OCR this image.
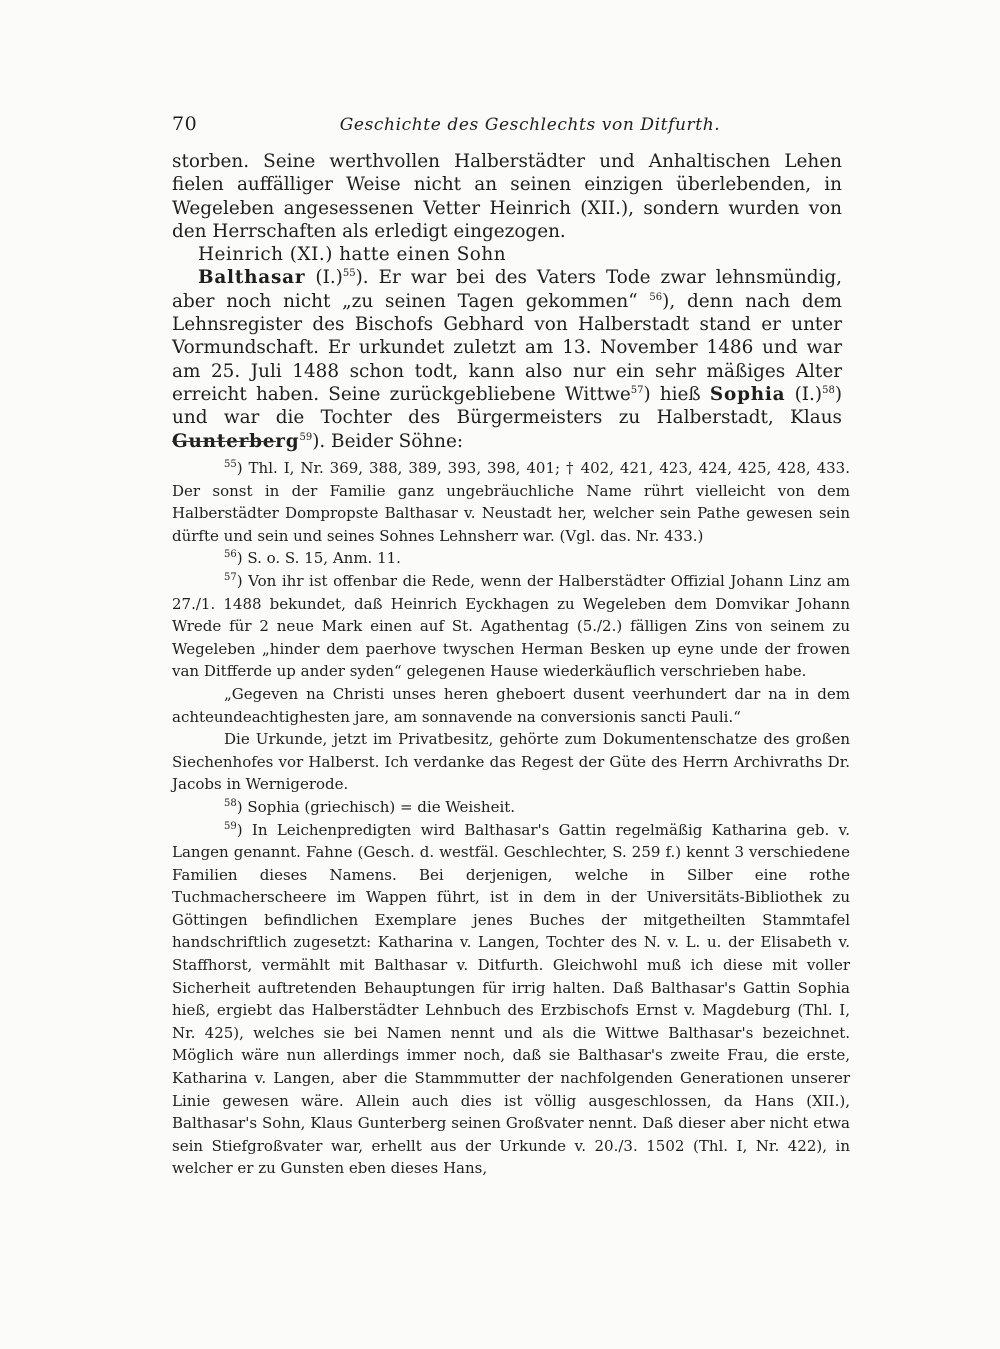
70	Geschichte des Geschlechts von Ditfurth.

storben. Seine werthvollen Halberstädter und Anhaltischen Lehen fielen auffälliger Weise nicht an seinen einzigen überlebenden, in Wegeleben angesessenen Vetter Heinrich (XII.), sondern wurden von den Herrschaften als erledigt eingezogen.

Heinrich (XI.) hatte einen Sohn

Balthasar $(I.)^{55}$). Er war bei des Vaters Tode zwar lehnsmündig, aber noch nicht „zu seinen Tagen gekommen“ $^{56}$), denn nach dem Lehnsregister des Bischofs Gebhard von Halberstadt stand er unter Vormundschaft. Er urkundet zuletzt am 13. November 1486 und war am 25. Juli 1488 schon todt, kann also nur ein sehr mäßiges Alter erreicht haben. Seine zurückgebliebene Wittwe$^{57}$) hieß Sophia $(I.)^{58}$) und war die Tochter des Bürgermeisters zu Halberstadt, Klaus Gunterberg$^{59}$). Beider Söhne:

$^{55}$) Thl. I, Nr. 369, 388, 389, 393, 398, 401; † 402, 421, 423, 424, 425, 428, 433. Der sonst in der Familie ganz ungebräuchliche Name rührt vielleicht von dem Halberstädter Dompropste Balthasar v. Neustadt her, welcher sein Pathe gewesen sein dürfte und sein und seines Sohnes Lehnsherr war. (Vgl. das. Nr. 433.)

$^{56}$) S. o. S. 15, Anm. 11.

$^{57}$) Von ihr ist offenbar die Rede, wenn der Halberstädter Offizial Johann Linz am 27./1. 1488 bekundet, daß Heinrich Eyckhagen zu Wegeleben dem Domvikar Johann Wrede für 2 neue Mark einen auf St. Agathentag (5./2.) fälligen Zins von seinem zu Wegeleben „hinder dem paerhove twyschen Herman Besken up eyne unde der frowen van Ditfferde up ander syden“ gelegenen Hause wiederkäuflich verschrieben habe.

„Gegeven na Christi unses heren gheboert dusent veerhundert dar na in dem achteundeachtighesten jare, am sonnavende na conversionis sancti Pauli.“

Die Urkunde, jetzt im Privatbesitz, gehörte zum Dokumentenschatze des großen Siechenhofes vor Halberst. Ich verdanke das Regest der Güte des Herrn Archivraths Dr. Jacobs in Wernigerode.

$^{58}$) Sophia (griechisch) = die Weisheit.

$^{59}$) In Leichenpredigten wird Balthasar's Gattin regelmäßig Katharina geb. v. Langen genannt. Fahne (Gesch. d. westfäl. Geschlechter, S. 259 f.) kennt 3 verschiedene Familien dieses Namens. Bei derjenigen, welche in Silber eine rothe Tuchmacherscheere im Wappen führt, ist in dem in der Universitäts-Bibliothek zu Göttingen befindlichen Exemplare jenes Buches der mitgetheilten Stammtafel handschriftlich zugesetzt: Katharina v. Langen, Tochter des N. v. L. u. der Elisabeth v. Staffhorst, vermählt mit Balthasar v. Ditfurth. Gleichwohl muß ich diese mit voller Sicherheit auftretenden Behauptungen für irrig halten. Daß Balthasar's Gattin Sophia hieß, ergiebt das Halberstädter Lehnbuch des Erzbischofs Ernst v. Magdeburg (Thl. I, Nr. 425), welches sie bei Namen nennt und als die Wittwe Balthasar's bezeichnet. Möglich wäre nun allerdings immer noch, daß sie Balthasar's zweite Frau, die erste, Katharina v. Langen, aber die Stammmutter der nachfolgenden Generationen unserer Linie gewesen wäre. Allein auch dies ist völlig ausgeschlossen, da Hans (XII.), Balthasar's Sohn, Klaus Gunterberg seinen Großvater nennt. Daß dieser aber nicht etwa sein Stiefgroßvater war, erhellt aus der Urkunde v. 20./3. 1502 (Thl. I, Nr. 422), in welcher er zu Gunsten eben dieses Hans,
